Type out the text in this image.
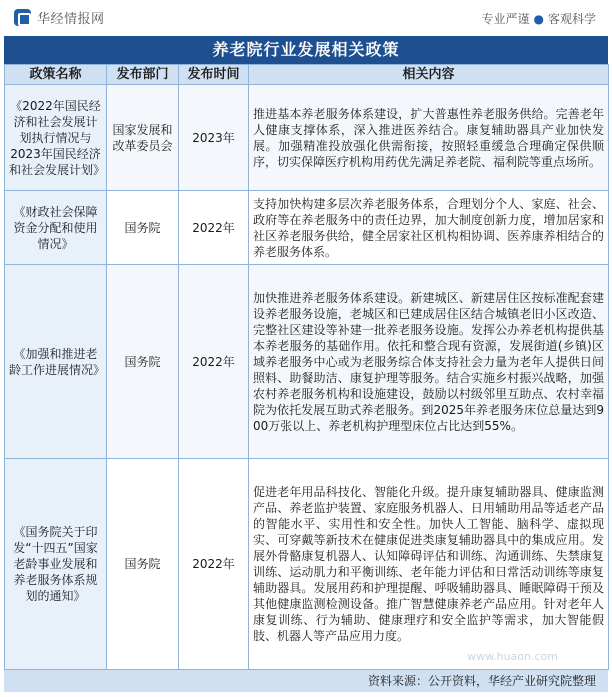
华经情报网	专业严谨 ● 客观科学
养老院行业发展相关政策
政策名称	发布部门	发布时间	相关内容
《2022年国民经济和社会发展计划执行情况与2023年国民经济和社会发展计划》	国家发展和改革委员会	2023年	推进基本养老服务体系建设，扩大普惠性养老服务供给。完善老年人健康支撑体系，深入推进医养结合。康复辅助器具产业加快发展。加强精准投放强化供需衔接，按照轻重缓急合理确定保供顺序，切实保障医疗机构用药优先满足养老院、福利院等重点场所。
《财政社会保障资金分配和使用情况》	国务院	2022年	支持加快构建多层次养老服务体系，合理划分个人、家庭、社会、政府等在养老服务中的责任边界，加大制度创新力度，增加居家和社区养老服务供给，健全居家社区机构相协调、医养康养相结合的养老服务体系。
《加强和推进老龄工作进展情况》	国务院	2022年	加快推进养老服务体系建设。新建城区、新建居住区按标准配套建设养老服务设施，老城区和已建成居住区结合城镇老旧小区改造、完整社区建设等补建一批养老服务设施。发挥公办养老机构提供基本养老服务的基础作用。依托和整合现有资源，发展街道(乡镇)区域养老服务中心或为老服务综合体支持社会力量为老年人提供日间照料、助餐助洁、康复护理等服务。结合实施乡村振兴战略，加强农村养老服务机构和设施建设，鼓励以村级邻里互助点、农村幸福院为依托发展互助式养老服务。到2025年养老服务床位总量达到900万张以上、养老机构护理型床位占比达到55%。
《国务院关于印发“十四五”国家老龄事业发展和养老服务体系规划的通知》	国务院	2022年	促进老年用品科技化、智能化升级。提升康复辅助器具、健康监测产品、养老监护装置、家庭服务机器人、日用辅助用品等适老产品的智能水平、实用性和安全性。加快人工智能、脑科学、虚拟现实、可穿戴等新技术在健康促进类康复辅助器具中的集成应用。发展外骨骼康复机器人、认知障碍评估和训练、沟通训练、失禁康复训练、运动肌力和平衡训练、老年能力评估和日常活动训练等康复辅助器具。发展用药和护理提醒、呼吸辅助器具、睡眠障碍干预及其他健康监测检测设备。推广智慧健康养老产品应用。针对老年人康复训练、行为辅助、健康理疗和安全监护等需求，加大智能假肢、机器人等产品应用力度。
www.huaon.com
资料来源：公开资料，华经产业研究院整理
